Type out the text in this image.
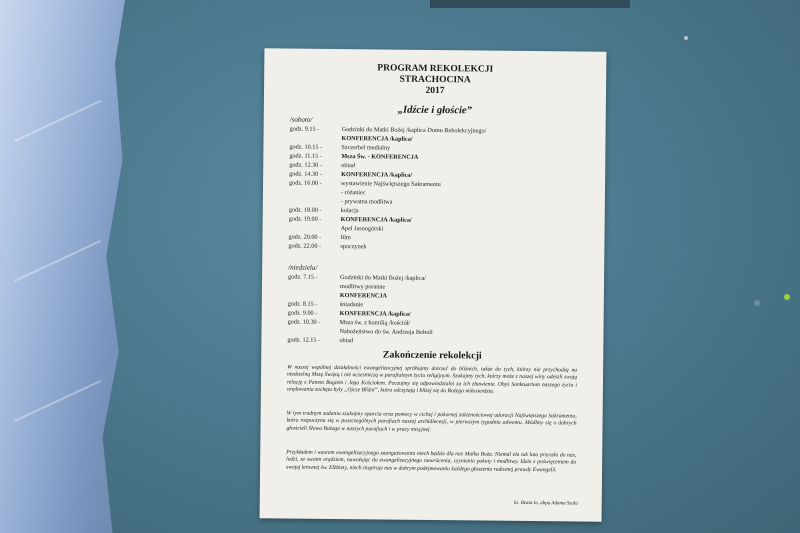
PROGRAM REKOLEKCJI
STRACHOCINA
2017
„Idźcie i głoście”
/sobota/
godz. 9.15 -	Godzinki do Matki Bożej /kaplica Domu Rekolekcyjnego/
KONFERENCJA /kaplica/
godz. 10.15 -	Szczerbel medialny
godz. 11.15 -	Msza Św. - KONFERENCJA
godz. 12.30 -	obiad
godz. 14.30 -	KONFERENCJA /kaplica/
godz. 16.00 -	wystawienie Najświętszego Sakramentu
- różaniec
- prywatna modlitwa
godz. 18.00 -	kolacja
godz. 19.00 -	KONFERENCJA /kaplica/
Apel Jasnogórski
godz. 20.00 -	film
godz. 22.00 -	spoczynek
/niedziela/
godz. 7.15 -	Godzinki do Matki Bożej /kaplica/
modlitwy poranne
KONFERENCJA
godz. 8.15 -	śniadanie
godz. 9.00 -	KONFERENCJA /kaplica/
godz. 10.30 -	Msza św. z homilią /kościół/
Nabożeństwo do św. Andrzeja Boboli
godz. 12.15 -	obiad
Zakończenie rekolekcji
W naszej wspólnej działalności ewangelizacyjnej spróbujmy dotrzeć do bliźnich, także do tych, którzy nie przychodzą na niedzielną Mszę Świętą i nie uczestniczą w parafialnym życiu religijnym. Szukajmy tych, którzy może z naszej winy odeszli swoją relację z Panem Bogiem i Jego Kościołem. Poczujmy się odpowiedzialni za ich zbawienie. Obyś Sanktuarium naszego życia i orędowania zachęta były „Ojcze Bliźni”, która odczytają i bliżej się do Bożego miłosierdzia.
W tym trudnym zadaniu szukajmy oparcia oraz pomocy w cichej i pokornej zależnościowej adoracji Najświętszego Sakramentu, która rozpoczyna się w poszczególnych parafiach naszej archidiecezji, w pierwszym tygodniu adwentu. Módlmy się o dobrych głosicieli Słowa Bożego w naszych parafiach i w pracy misyjnej.
Przykładem i wzorem ewangelizacyjnego zaangażowania niech będzie dla nas Matka Boża. Niemal ela tak lata przyszła do nas, ludzi, ze swoim orędziem, nawołując do ewangelizacyjnego nawrócenia, czynienia pokuty i modlitwy. Idzie z poświęceniem do swojej krewnej św. Elżbiety, niech inspiruje nas w dobrym podejmowaniu każdego głoszenia radosnej prawdy Ewangelii.
ks. Beata ks. abpa Adama Szala
